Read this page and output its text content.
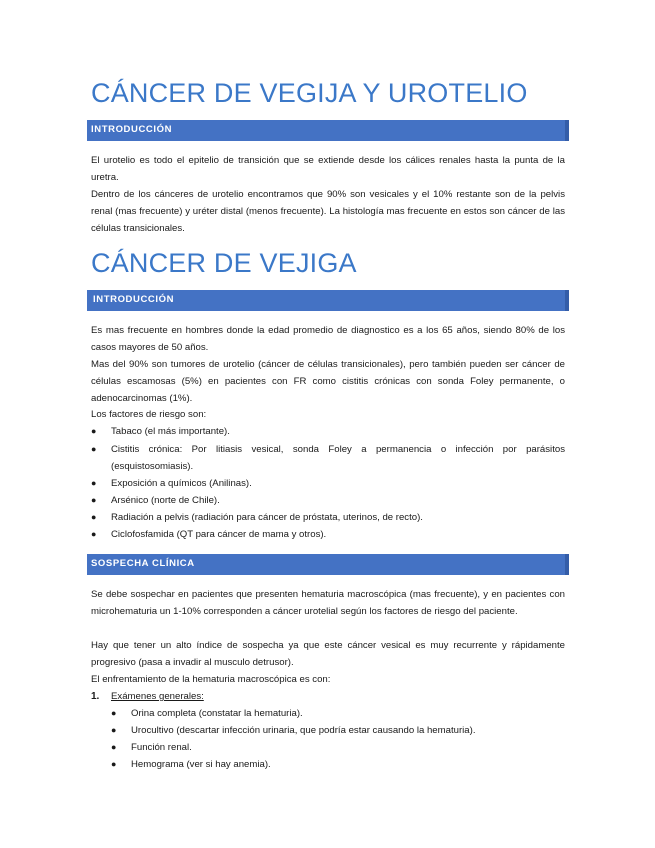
CÁNCER DE VEGIJA Y UROTELIO
INTRODUCCIÓN

El urotelio es todo el epitelio de transición que se extiende desde los cálices renales hasta la punta de la uretra.

Dentro de los cánceres de urotelio encontramos que 90% son vesicales y el 10% restante son de la pelvis renal (mas frecuente) y uréter distal (menos frecuente). La histología mas frecuente en estos son cáncer de las células transicionales.

CÁNCER DE VEJIGA
INTRODUCCIÓN

Es mas frecuente en hombres donde la edad promedio de diagnostico es a los 65 años, siendo 80% de los casos mayores de 50 años.

Mas del 90% son tumores de urotelio (cáncer de células transicionales), pero también pueden ser cáncer de células escamosas (5%) en pacientes con FR como cistitis crónicas con sonda Foley permanente, o adenocarcinomas (1%).

Los factores de riesgo son:

● Tabaco (el más importante).
● Cistitis crónica: Por litiasis vesical, sonda Foley a permanencia o infección por parásitos (esquistosomiasis).
● Exposición a químicos (Anilinas).
● Arsénico (norte de Chile).
● Radiación a pelvis (radiación para cáncer de próstata, uterinos, de recto).
● Ciclofosfamida (QT para cáncer de mama y otros).
SOSPECHA CLÍNICA

Se debe sospechar en pacientes que presenten hematuria macroscópica (mas frecuente), y en pacientes con microhematuria un 1-10% corresponden a cáncer urotelial según los factores de riesgo del paciente.

Hay que tener un alto índice de sospecha ya que este cáncer vesical es muy recurrente y rápidamente progresivo (pasa a invadir al musculo detrusor).

El enfrentamiento de la hematuria macroscópica es con:

1. Exámenes generales:
● Orina completa (constatar la hematuria).
● Urocultivo (descartar infección urinaria, que podría estar causando la hematuria).
● Función renal.
● Hemograma (ver si hay anemia).
